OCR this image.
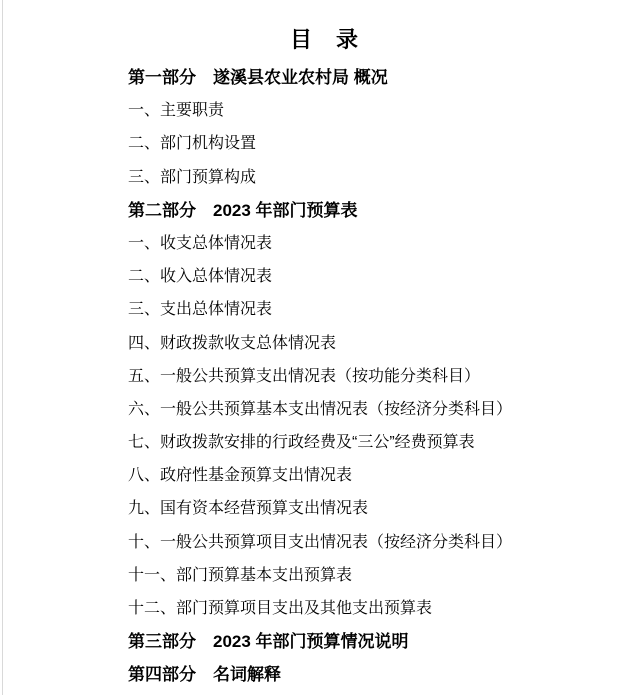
目　录
第一部分　遂溪县农业农村局 概况
一、主要职责
二、部门机构设置
三、部门预算构成
第二部分　2023 年部门预算表
一、收支总体情况表
二、收入总体情况表
三、支出总体情况表
四、财政拨款收支总体情况表
五、一般公共预算支出情况表（按功能分类科目）
六、一般公共预算基本支出情况表（按经济分类科目）
七、财政拨款安排的行政经费及“三公”经费预算表
八、政府性基金预算支出情况表
九、国有资本经营预算支出情况表
十、一般公共预算项目支出情况表（按经济分类科目）
十一、部门预算基本支出预算表
十二、部门预算项目支出及其他支出预算表
第三部分　2023 年部门预算情况说明
第四部分　名词解释
